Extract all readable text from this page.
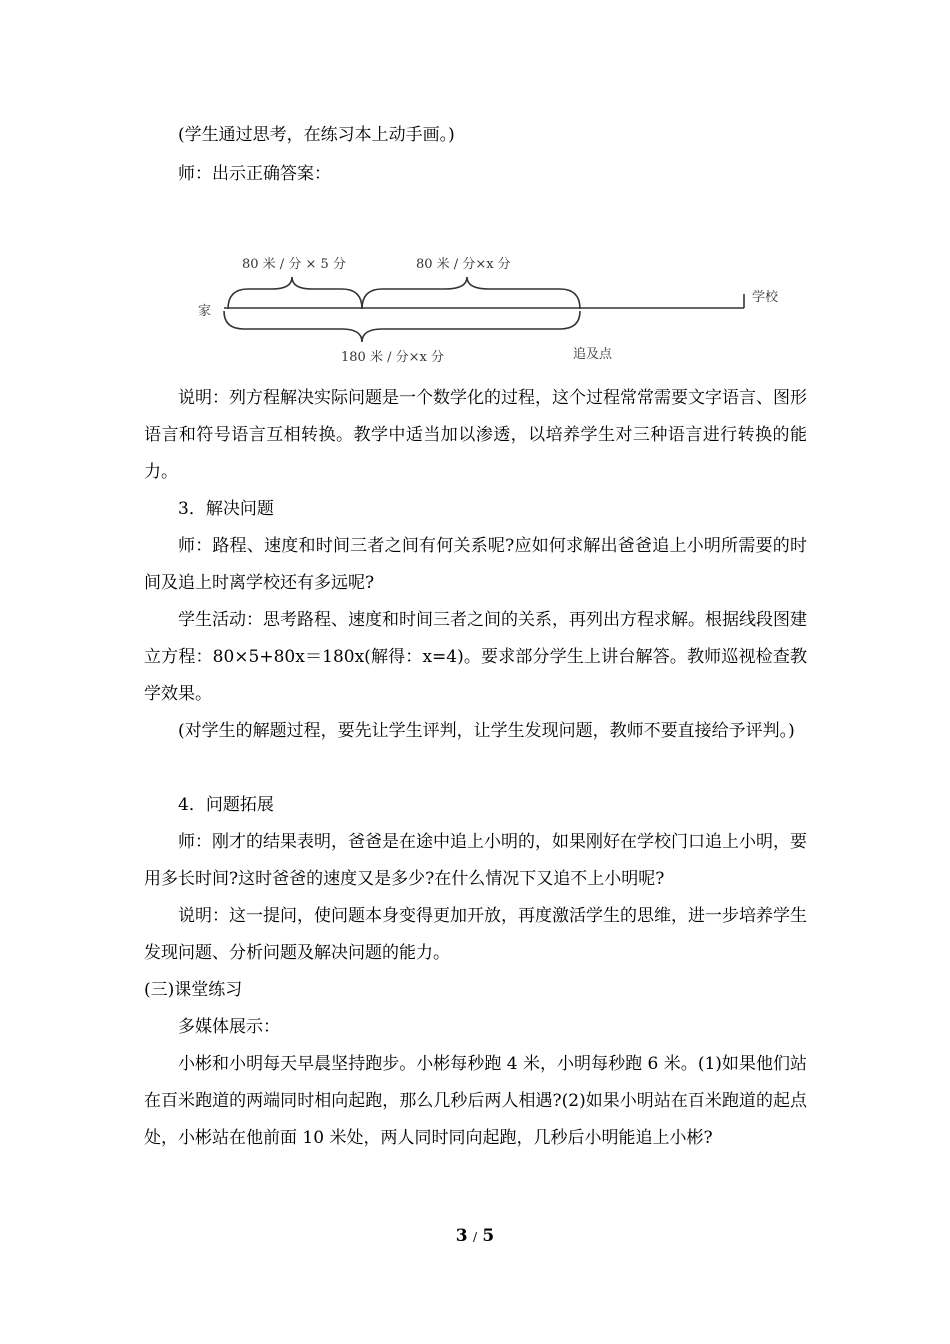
(学生通过思考，在练习本上动手画。)

师：出示正确答案：

80 米 / 分 × 5 分	80 米 / 分×x 分
家
学校
180 米 / 分×x 分	追及点

说明：列方程解决实际问题是一个数学化的过程，这个过程常常需要文字语言、图形语言和符号语言互相转换。教学中适当加以渗透，以培养学生对三种语言进行转换的能力。

3．解决问题

师：路程、速度和时间三者之间有何关系呢?应如何求解出爸爸追上小明所需要的时间及追上时离学校还有多远呢?

学生活动：思考路程、速度和时间三者之间的关系，再列出方程求解。根据线段图建立方程：80×5+80x＝180x(解得：x=4)。要求部分学生上讲台解答。教师巡视检查教学效果。

(对学生的解题过程，要先让学生评判，让学生发现问题，教师不要直接给予评判。)

4．问题拓展

师：刚才的结果表明，爸爸是在途中追上小明的，如果刚好在学校门口追上小明，要用多长时间?这时爸爸的速度又是多少?在什么情况下又追不上小明呢?

说明：这一提问，使问题本身变得更加开放，再度激活学生的思维，进一步培养学生发现问题、分析问题及解决问题的能力。

(三)课堂练习

多媒体展示：

小彬和小明每天早晨坚持跑步。小彬每秒跑 4 米，小明每秒跑 6 米。(1)如果他们站在百米跑道的两端同时相向起跑，那么几秒后两人相遇?(2)如果小明站在百米跑道的起点处，小彬站在他前面 10 米处，两人同时同向起跑，几秒后小明能追上小彬?

3 / 5
